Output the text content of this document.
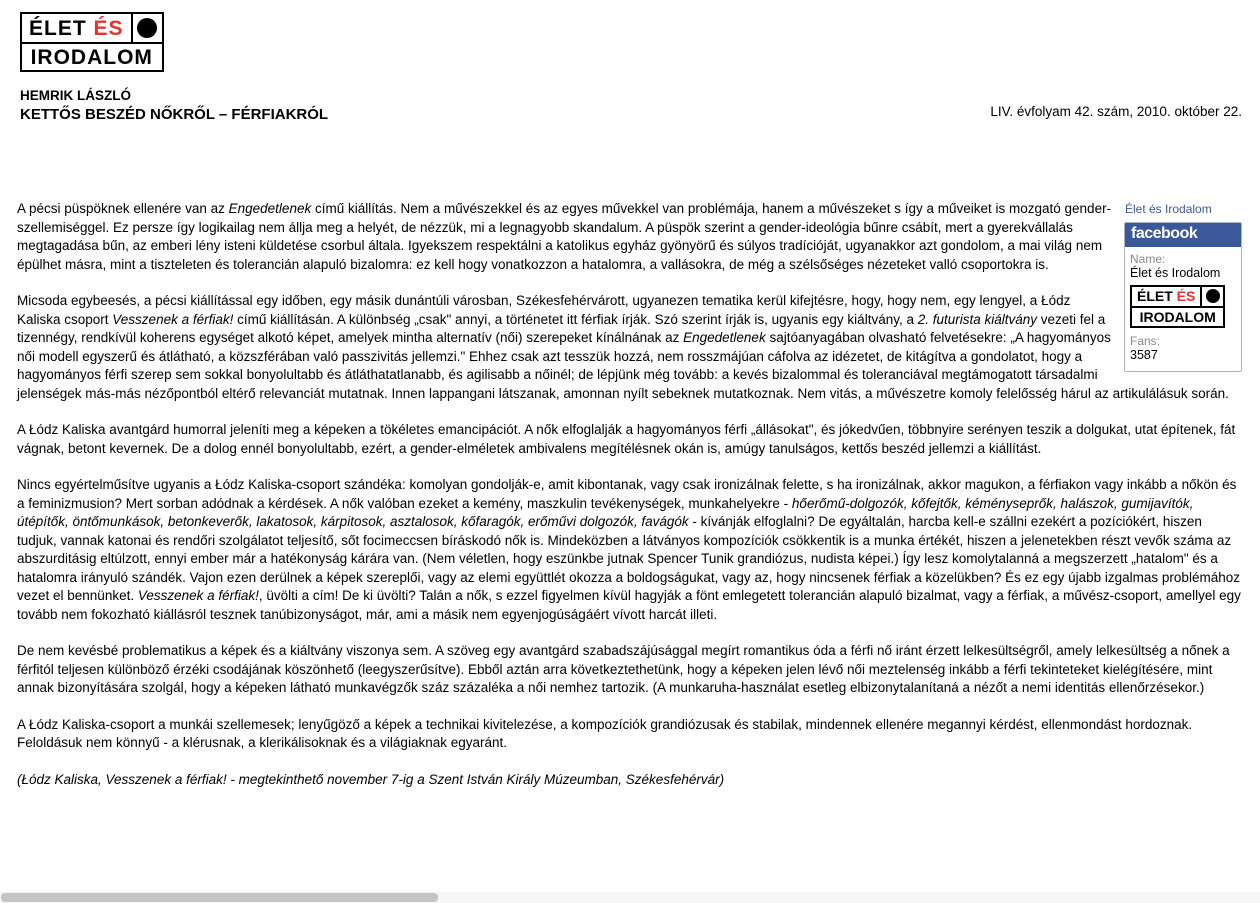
ÉLET
ÉS
IRODALOM
HEMRIK LÁSZLÓ
KETTŐS BESZÉD NŐKRŐL – FÉRFIAKRÓL	LIV. évfolyam 42. szám, 2010. október 22.
Élet és Irodalom
facebook
Name:
Élet és Irodalom
ÉLET
ÉS
IRODALOM
Fans:
3587

A pécsi püspöknek ellenére van az Engedetlenek című kiállítás. Nem a művészekkel és az egyes művekkel van problémája, hanem a művészeket s így a műveiket is mozgató gender-szellemiséggel. Ez persze így logikailag nem állja meg a helyét, de nézzük, mi a legnagyobb skandalum. A püspök szerint a gender-ideológia bűnre csábít, mert a gyerekvállalás megtagadása bűn, az emberi lény isteni küldetése csorbul általa. Igyekszem respektálni a katolikus egyház gyönyörű és súlyos tradícióját, ugyanakkor azt gondolom, a mai világ nem épülhet másra, mint a tiszteleten és tolerancián alapuló bizalomra: ez kell hogy vonatkozzon a hatalomra, a vallásokra, de még a szélsőséges nézeteket valló csoportokra is.

Micsoda egybeesés, a pécsi kiállítással egy időben, egy másik dunántúli városban, Székesfehérvárott, ugyanezen tematika kerül kifejtésre, hogy, hogy nem, egy lengyel, a Łódz Kaliska csoport Vesszenek a férfiak! című kiállításán. A különbség „csak" annyi, a történetet itt férfiak írják. Szó szerint írják is, ugyanis egy kiáltvány, a 2. futurista kiáltvány vezeti fel a tizennégy, rendkívül koherens egységet alkotó képet, amelyek mintha alternatív (női) szerepeket kínálnának az Engedetlenek sajtóanyagában olvasható felvetésekre: „A hagyományos női modell egyszerű és átlátható, a közszférában való passzivitás jellemzi." Ehhez csak azt tesszük hozzá, nem rosszmájúan cáfolva az idézetet, de kitágítva a gondolatot, hogy a hagyományos férfi szerep sem sokkal bonyolultabb és átláthatatlanabb, és agilisabb a nőinél; de lépjünk még tovább: a kevés bizalommal és toleranciával megtámogatott társadalmi jelenségek más-más nézőpontból eltérő relevanciát mutatnak. Innen lappangani látszanak, amonnan nyílt sebeknek mutatkoznak. Nem vitás, a művészetre komoly felelősség hárul az artikulálásuk során.

A Łódz Kaliska avantgárd humorral jeleníti meg a képeken a tökéletes emancipációt. A nők elfoglalják a hagyományos férfi „állásokat", és jókedvűen, többnyire serényen teszik a dolgukat, utat építenek, fát vágnak, betont kevernek. De a dolog ennél bonyolultabb, ezért, a gender-elméletek ambivalens megítélésnek okán is, amúgy tanulságos, kettős beszéd jellemzi a kiállítást.

Nincs egyértelműsítve ugyanis a Łódz Kaliska-csoport szándéka: komolyan gondolják-e, amit kibontanak, vagy csak ironizálnak felette, s ha ironizálnak, akkor magukon, a férfiakon vagy inkább a nőkön és a feminizmusion? Mert sorban adódnak a kérdések. A nők valóban ezeket a kemény, maszkulin tevékenységek, munkahelyekre - hőerőmű-dolgozók, kőfejtők, kéményseprők, halászok, gumijavítók, útépítők, öntőmunkások, betonkeverők, lakatosok, kárpitosok, asztalosok, kőfaragók, erőművi dolgozók, favágók - kívánják elfoglalni? De egyáltalán, harcba kell-e szállni ezekért a pozíciókért, hiszen tudjuk, vannak katonai és rendőri szolgálatot teljesítő, sőt focimeccsen bíráskodó nők is. Mindeközben a látványos kompozíciók csökkentik is a munka értékét, hiszen a jelenetekben részt vevők száma az abszurditásig eltúlzott, ennyi ember már a hatékonyság kárára van. (Nem véletlen, hogy eszünkbe jutnak Spencer Tunik grandiózus, nudista képei.) Így lesz komolytalanná a megszerzett „hatalom" és a hatalomra irányuló szándék. Vajon ezen derülnek a képek szereplői, vagy az elemi együttlét okozza a boldogságukat, vagy az, hogy nincsenek férfiak a közelükben? És ez egy újabb izgalmas problémához vezet el bennünket. Vesszenek a férfiak!, üvölti a cím! De ki üvölti? Talán a nők, s ezzel figyelmen kívül hagyják a fönt emlegetett tolerancián alapuló bizalmat, vagy a férfiak, a művész-csoport, amellyel egy tovább nem fokozható kiállásról tesznek tanúbizonyságot, már, ami a másik nem egyenjogúságáért vívott harcát illeti.

De nem kevésbé problematikus a képek és a kiáltvány viszonya sem. A szöveg egy avantgárd szabadszájúsággal megírt romantikus óda a férfi nő iránt érzett lelkesültségről, amely lelkesültség a nőnek a férfitól teljesen különböző érzéki csodájának köszönhető (leegyszerűsítve). Ebből aztán arra következtethetünk, hogy a képeken jelen lévő női meztelenség inkább a férfi tekinteteket kielégítésére, mint annak bizonyítására szolgál, hogy a képeken látható munkavégzők száz százaléka a női nemhez tartozik. (A munkaruha-használat esetleg elbizonytalanítaná a nézőt a nemi identitás ellenőrzésekor.)

A Łódz Kaliska-csoport a munkái szellemesek; lenyűgöző a képek a technikai kivitelezése, a kompozíciók grandiózusak és stabilak, mindennek ellenére megannyi kérdést, ellenmondást hordoznak. Feloldásuk nem könnyű - a klérusnak, a klerikálisoknak és a világiaknak egyaránt.

(Łódz Kaliska, Vesszenek a férfiak! - megtekinthető november 7-ig a Szent István Király Múzeumban, Székesfehérvár)
